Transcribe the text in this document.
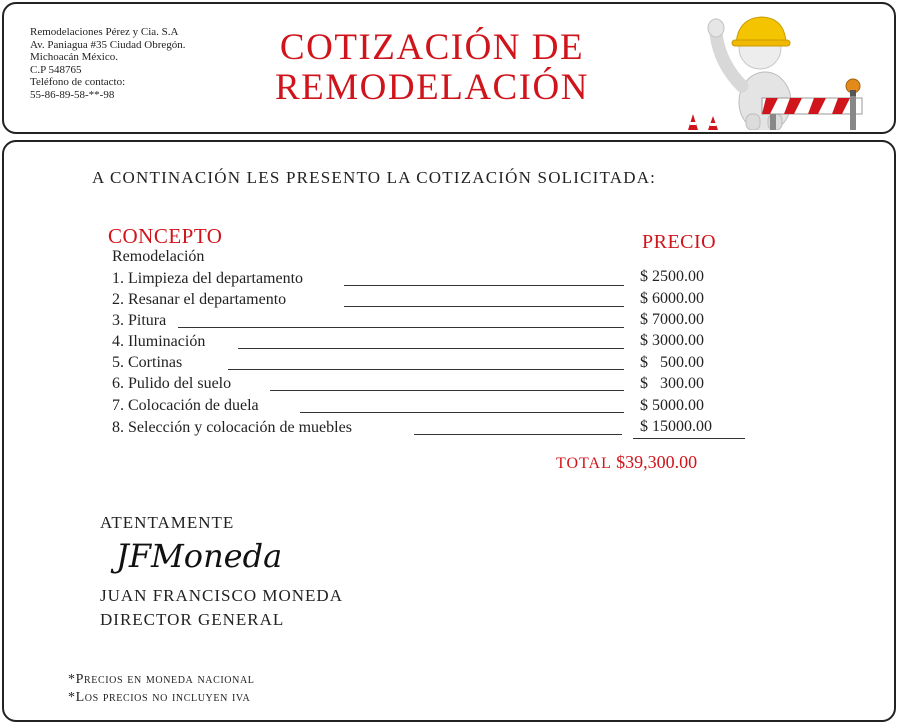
Remodelaciones Pérez y Cia. S.A
Av. Paniagua #35 Ciudad Obregón.
Michoacán México.
C.P 548765
Teléfono de contacto:
55-86-89-58-**-98
COTIZACIÓN DE
REMODELACIÓN
A CONTINACIÓN LES PRESENTO LA COTIZACIÓN SOLICITADA:
CONCEPTO	PRECIO
Remodelación
1. Limpieza del departamento
2. Resanar el departamento
3. Pitura
4. Iluminación
5. Cortinas
6. Pulido del suelo
7. Colocación de duela
8. Selección y colocación de muebles
$ 2500.00
$ 6000.00
$ 7000.00
$ 3000.00
$   500.00
$   300.00
$ 5000.00
$ 15000.00
TOTAL $39,300.00
ATENTAMENTE
JFMoneda
JUAN FRANCISCO MONEDA
DIRECTOR GENERAL
*Precios en moneda nacional
*Los precios no incluyen iva
